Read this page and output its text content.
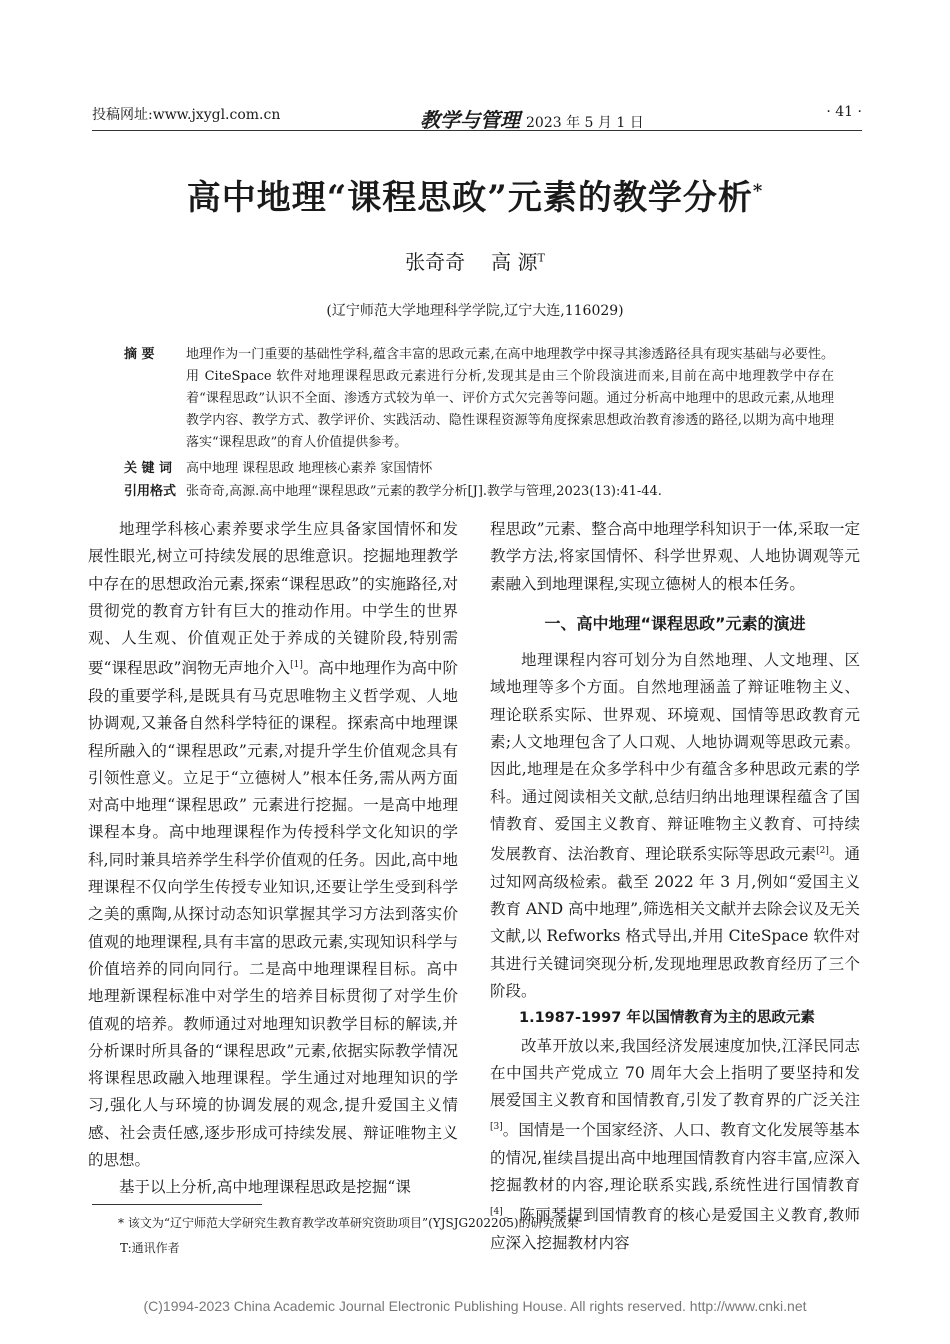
投稿网址:www.jxygl.com.cn	教学与管理 2023 年 5 月 1 日
· 41 ·
高中地理“课程思政”元素的教学分析*
张奇奇 高 源$^T$
(辽宁师范大学地理科学学院,辽宁大连,116029)
摘 要 地理作为一门重要的基础性学科,蕴含丰富的思政元素,在高中地理教学中探寻其渗透路径具有现实基础与必要性。用 CiteSpace 软件对地理课程思政元素进行分析,发现其是由三个阶段演进而来,目前在高中地理教学中存在着“课程思政”认识不全面、渗透方式较为单一、评价方式欠完善等问题。通过分析高中地理中的思政元素,从地理教学内容、教学方式、教学评价、实践活动、隐性课程资源等角度探索思想政治教育渗透的路径,以期为高中地理落实“课程思政”的育人价值提供参考。
关 键 词 高中地理 课程思政 地理核心素养 家国情怀
引用格式 张奇奇,高源.高中地理“课程思政”元素的教学分析[J].教学与管理,2023(13):41-44.

地理学科核心素养要求学生应具备家国情怀和发展性眼光,树立可持续发展的思维意识。挖掘地理教学中存在的思想政治元素,探索“课程思政”的实施路径,对贯彻党的教育方针有巨大的推动作用。中学生的世界观、人生观、价值观正处于养成的关键阶段,特别需要“课程思政”润物无声地介入[1]。高中地理作为高中阶段的重要学科,是既具有马克思唯物主义哲学观、人地协调观,又兼备自然科学特征的课程。探索高中地理课程所融入的“课程思政”元素,对提升学生价值观念具有引领性意义。立足于“立德树人”根本任务,需从两方面对高中地理“课程思政” 元素进行挖掘。一是高中地理课程本身。高中地理课程作为传授科学文化知识的学科,同时兼具培养学生科学价值观的任务。因此,高中地理课程不仅向学生传授专业知识,还要让学生受到科学之美的熏陶,从探讨动态知识掌握其学习方法到落实价值观的地理课程,具有丰富的思政元素,实现知识科学与价值培养的同向同行。二是高中地理课程目标。高中地理新课程标准中对学生的培养目标贯彻了对学生价值观的培养。教师通过对地理知识教学目标的解读,并分析课时所具备的“课程思政”元素,依据实际教学情况将课程思政融入地理课程。学生通过对地理知识的学习,强化人与环境的协调发展的观念,提升爱国主义情感、社会责任感,逐步形成可持续发展、辩证唯物主义的思想。

基于以上分析,高中地理课程思政是挖掘“课

程思政”元素、整合高中地理学科知识于一体,采取一定教学方法,将家国情怀、科学世界观、人地协调观等元素融入到地理课程,实现立德树人的根本任务。

一、高中地理“课程思政”元素的演进

地理课程内容可划分为自然地理、人文地理、区域地理等多个方面。自然地理涵盖了辩证唯物主义、理论联系实际、世界观、环境观、国情等思政教育元素;人文地理包含了人口观、人地协调观等思政元素。因此,地理是在众多学科中少有蕴含多种思政元素的学科。通过阅读相关文献,总结归纳出地理课程蕴含了国情教育、爱国主义教育、辩证唯物主义教育、可持续发展教育、法治教育、理论联系实际等思政元素[2]。通过知网高级检索。截至 2022 年 3 月,例如“爱国主义教育 AND 高中地理”,筛选相关文献并去除会议及无关文献,以 Refworks 格式导出,并用 CiteSpace 软件对其进行关键词突现分析,发现地理思政教育经历了三个阶段。

1.1987-1997 年以国情教育为主的思政元素

改革开放以来,我国经济发展速度加快,江泽民同志在中国共产党成立 70 周年大会上指明了要坚持和发展爱国主义教育和国情教育,引发了教育界的广泛关注[3]。国情是一个国家经济、人口、教育文化发展等基本的情况,崔续昌提出高中地理国情教育内容丰富,应深入挖掘教材的内容,理论联系实践,系统性进行国情教育[4]。陈丽琴提到国情教育的核心是爱国主义教育,教师应深入挖掘教材内容

* 该文为“辽宁师范大学研究生教育教学改革研究资助项目”(YJSJG202205)的研究成果
T:通讯作者
(C)1994-2023 China Academic Journal Electronic Publishing House. All rights reserved. http://www.cnki.net
